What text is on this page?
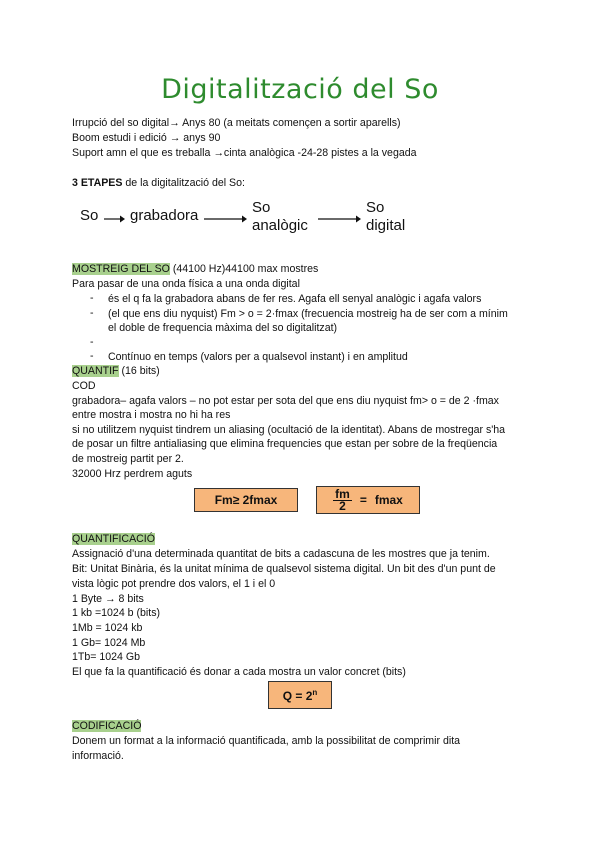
Digitalització del So
Irrupció del so digital→ Anys 80 (a meitats començen a sortir aparells)
Boom estudi i edició → anys 90
Suport amn el que es treballa →cinta analògica -24-28 pistes a la vegada
3 ETAPES de la digitalització del So:
So grabadora	So
analògic
So
digital
MOSTREIG DEL SO (44100 Hz)44100 max mostres
Para pasar de una onda física a una onda digital
- és el q fa la grabadora abans de fer res. Agafa ell senyal analògic i agafa valors
- (el que ens diu nyquist) Fm > o = 2·fmax (frecuencia mostreig ha de ser com a mínim
el doble de frequencia màxima del so digitalitzat)
-
- Contínuo en temps (valors per a qualsevol instant) i en amplitud
QUANTIF (16 bits)
COD
grabadora– agafa valors – no pot estar per sota del que ens diu nyquist fm> o = de 2 ·fmax
entre mostra i mostra no hi ha res
si no utilitzem nyquist tindrem un aliasing (ocultació de la identitat). Abans de mostregar s'ha
de posar un filtre antialiasing que elimina frequencies que estan per sobre de la freqüencia
de mostreig partit per 2.
32000 Hrz perdrem aguts
Fm≥ 2fmax	$\frac{fm}{2} = fmax$
QUANTIFICACIÓ
Assignació d'una determinada quantitat de bits a cadascuna de les mostres que ja tenim.
Bit: Unitat Binària, és la unitat mínima de qualsevol sistema digital. Un bit des d'un punt de
vista lògic pot prendre dos valors, el 1 i el 0
1 Byte → 8 bits
1 kb =1024 b (bits)
1Mb = 1024 kb
1 Gb= 1024 Mb
1Tb= 1024 Gb
El que fa la quantificació és donar a cada mostra un valor concret (bits)
$Q = 2^n$
CODIFICACIÓ
Donem un format a la informació quantificada, amb la possibilitat de comprimir dita
informació.
